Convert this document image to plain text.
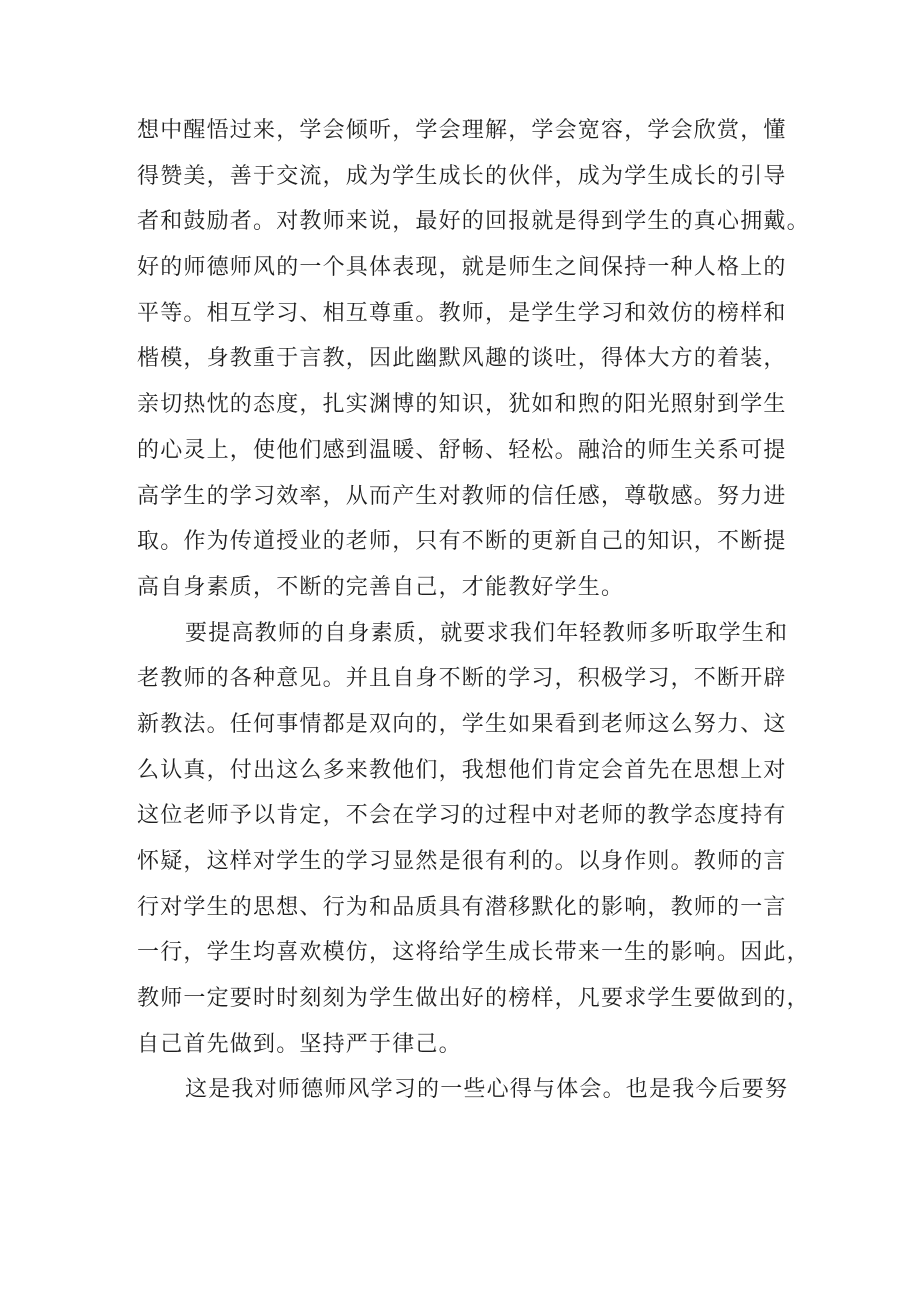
想中醒悟过来，学会倾听，学会理解，学会宽容，学会欣赏，懂
得赞美，善于交流，成为学生成长的伙伴，成为学生成长的引导
者和鼓励者。对教师来说，最好的回报就是得到学生的真心拥戴。
好的师德师风的一个具体表现，就是师生之间保持一种人格上的
平等。相互学习、相互尊重。教师，是学生学习和效仿的榜样和
楷模，身教重于言教，因此幽默风趣的谈吐，得体大方的着装，
亲切热忱的态度，扎实渊博的知识，犹如和煦的阳光照射到学生
的心灵上，使他们感到温暖、舒畅、轻松。融洽的师生关系可提
高学生的学习效率，从而产生对教师的信任感，尊敬感。努力进
取。作为传道授业的老师，只有不断的更新自己的知识，不断提
高自身素质，不断的完善自己，才能教好学生。
要提高教师的自身素质，就要求我们年轻教师多听取学生和
老教师的各种意见。并且自身不断的学习，积极学习，不断开辟
新教法。任何事情都是双向的，学生如果看到老师这么努力、这
么认真，付出这么多来教他们，我想他们肯定会首先在思想上对
这位老师予以肯定，不会在学习的过程中对老师的教学态度持有
怀疑，这样对学生的学习显然是很有利的。以身作则。教师的言
行对学生的思想、行为和品质具有潜移默化的影响，教师的一言
一行，学生均喜欢模仿，这将给学生成长带来一生的影响。因此，
教师一定要时时刻刻为学生做出好的榜样，凡要求学生要做到的，
自己首先做到。坚持严于律己。
这是我对师德师风学习的一些心得与体会。也是我今后要努
